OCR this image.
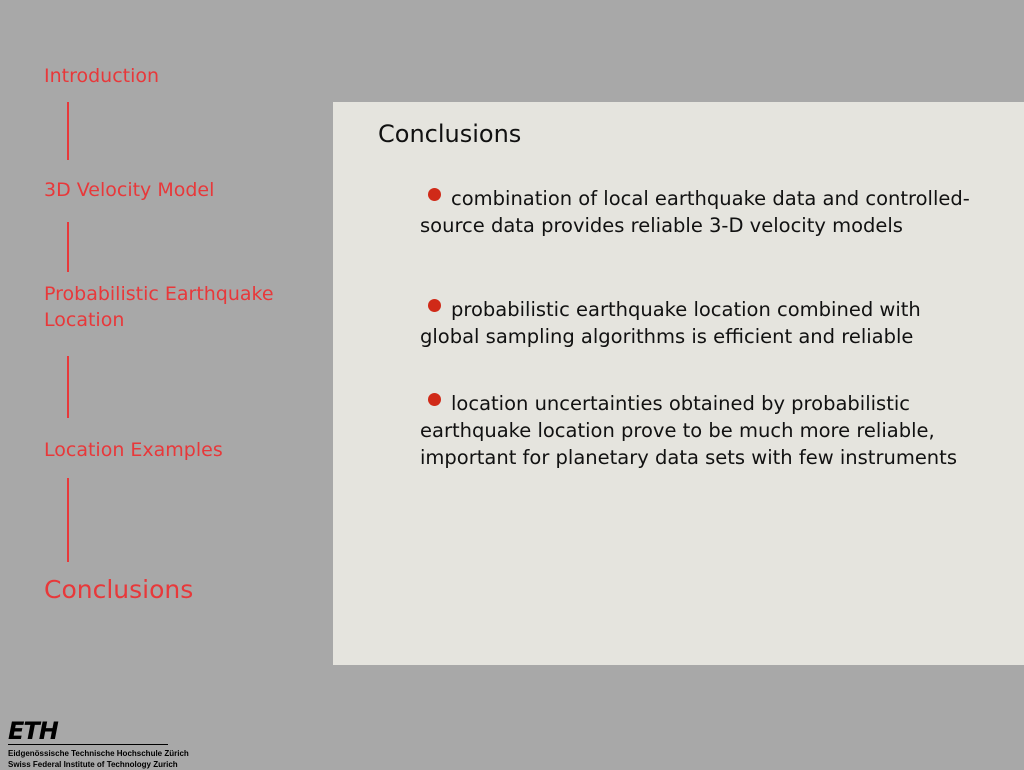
Introduction
3D Velocity Model
Probabilistic Earthquake Location
Location Examples
Conclusions
Conclusions
combination of local earthquake data and controlled-source data provides reliable 3-D velocity models
probabilistic earthquake location combined with global sampling algorithms is efficient and reliable
location uncertainties obtained by probabilistic earthquake location prove to be much more reliable, important for planetary data sets with few instruments
ETH
Eidgenössische Technische Hochschule Zürich
Swiss Federal Institute of Technology Zurich
